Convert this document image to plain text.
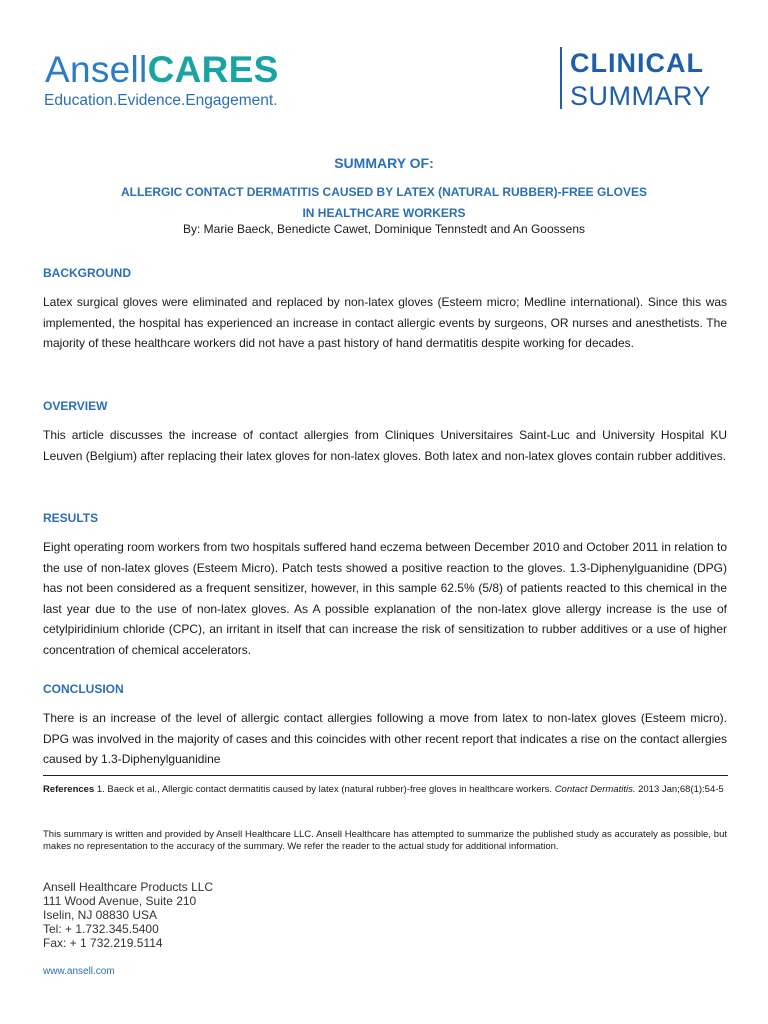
AnsellCARES
Education.Evidence.Engagement.
CLINICAL
SUMMARY
SUMMARY OF:
ALLERGIC CONTACT DERMATITIS CAUSED BY LATEX (NATURAL RUBBER)-FREE GLOVES
IN HEALTHCARE WORKERS
By: Marie Baeck, Benedicte Cawet, Dominique Tennstedt and An Goossens

BACKGROUND

Latex surgical gloves were eliminated and replaced by non-latex gloves (Esteem micro; Medline international). Since this was implemented, the hospital has experienced an increase in contact allergic events by surgeons, OR nurses and anesthetists. The majority of these healthcare workers did not have a past history of hand dermatitis despite working for decades.

OVERVIEW

This article discusses the increase of contact allergies from Cliniques Universitaires Saint-Luc and University Hospital KU Leuven (Belgium) after replacing their latex gloves for non-latex gloves. Both latex and non-latex gloves contain rubber additives.

RESULTS

Eight operating room workers from two hospitals suffered hand eczema between December 2010 and October 2011 in relation to the use of non-latex gloves (Esteem Micro). Patch tests showed a positive reaction to the gloves. 1.3-Diphenylguanidine (DPG) has not been considered as a frequent sensitizer, however, in this sample 62.5% (5/8) of patients reacted to this chemical in the last year due to the use of non-latex gloves. As A possible explanation of the non-latex glove allergy increase is the use of cetylpiridinium chloride (CPC), an irritant in itself that can increase the risk of sensitization to rubber additives or a use of higher concentration of chemical accelerators.

CONCLUSION

There is an increase of the level of allergic contact allergies following a move from latex to non-latex gloves (Esteem micro). DPG was involved in the majority of cases and this coincides with other recent report that indicates a rise on the contact allergies caused by 1.3-Diphenylguanidine

References 1. Baeck et al., Allergic contact dermatitis caused by latex (natural rubber)-free gloves in healthcare workers. Contact Dermatitis. 2013 Jan;68(1):54-5
This summary is written and provided by Ansell Healthcare LLC. Ansell Healthcare has attempted to summarize the published study as accurately as possible, but makes no representation to the accuracy of the summary. We refer the reader to the actual study for additional information.
Ansell Healthcare Products LLC
111 Wood Avenue, Suite 210
Iselin, NJ 08830 USA
Tel: + 1.732.345.5400
Fax: + 1 732.219.5114
www.ansell.com
